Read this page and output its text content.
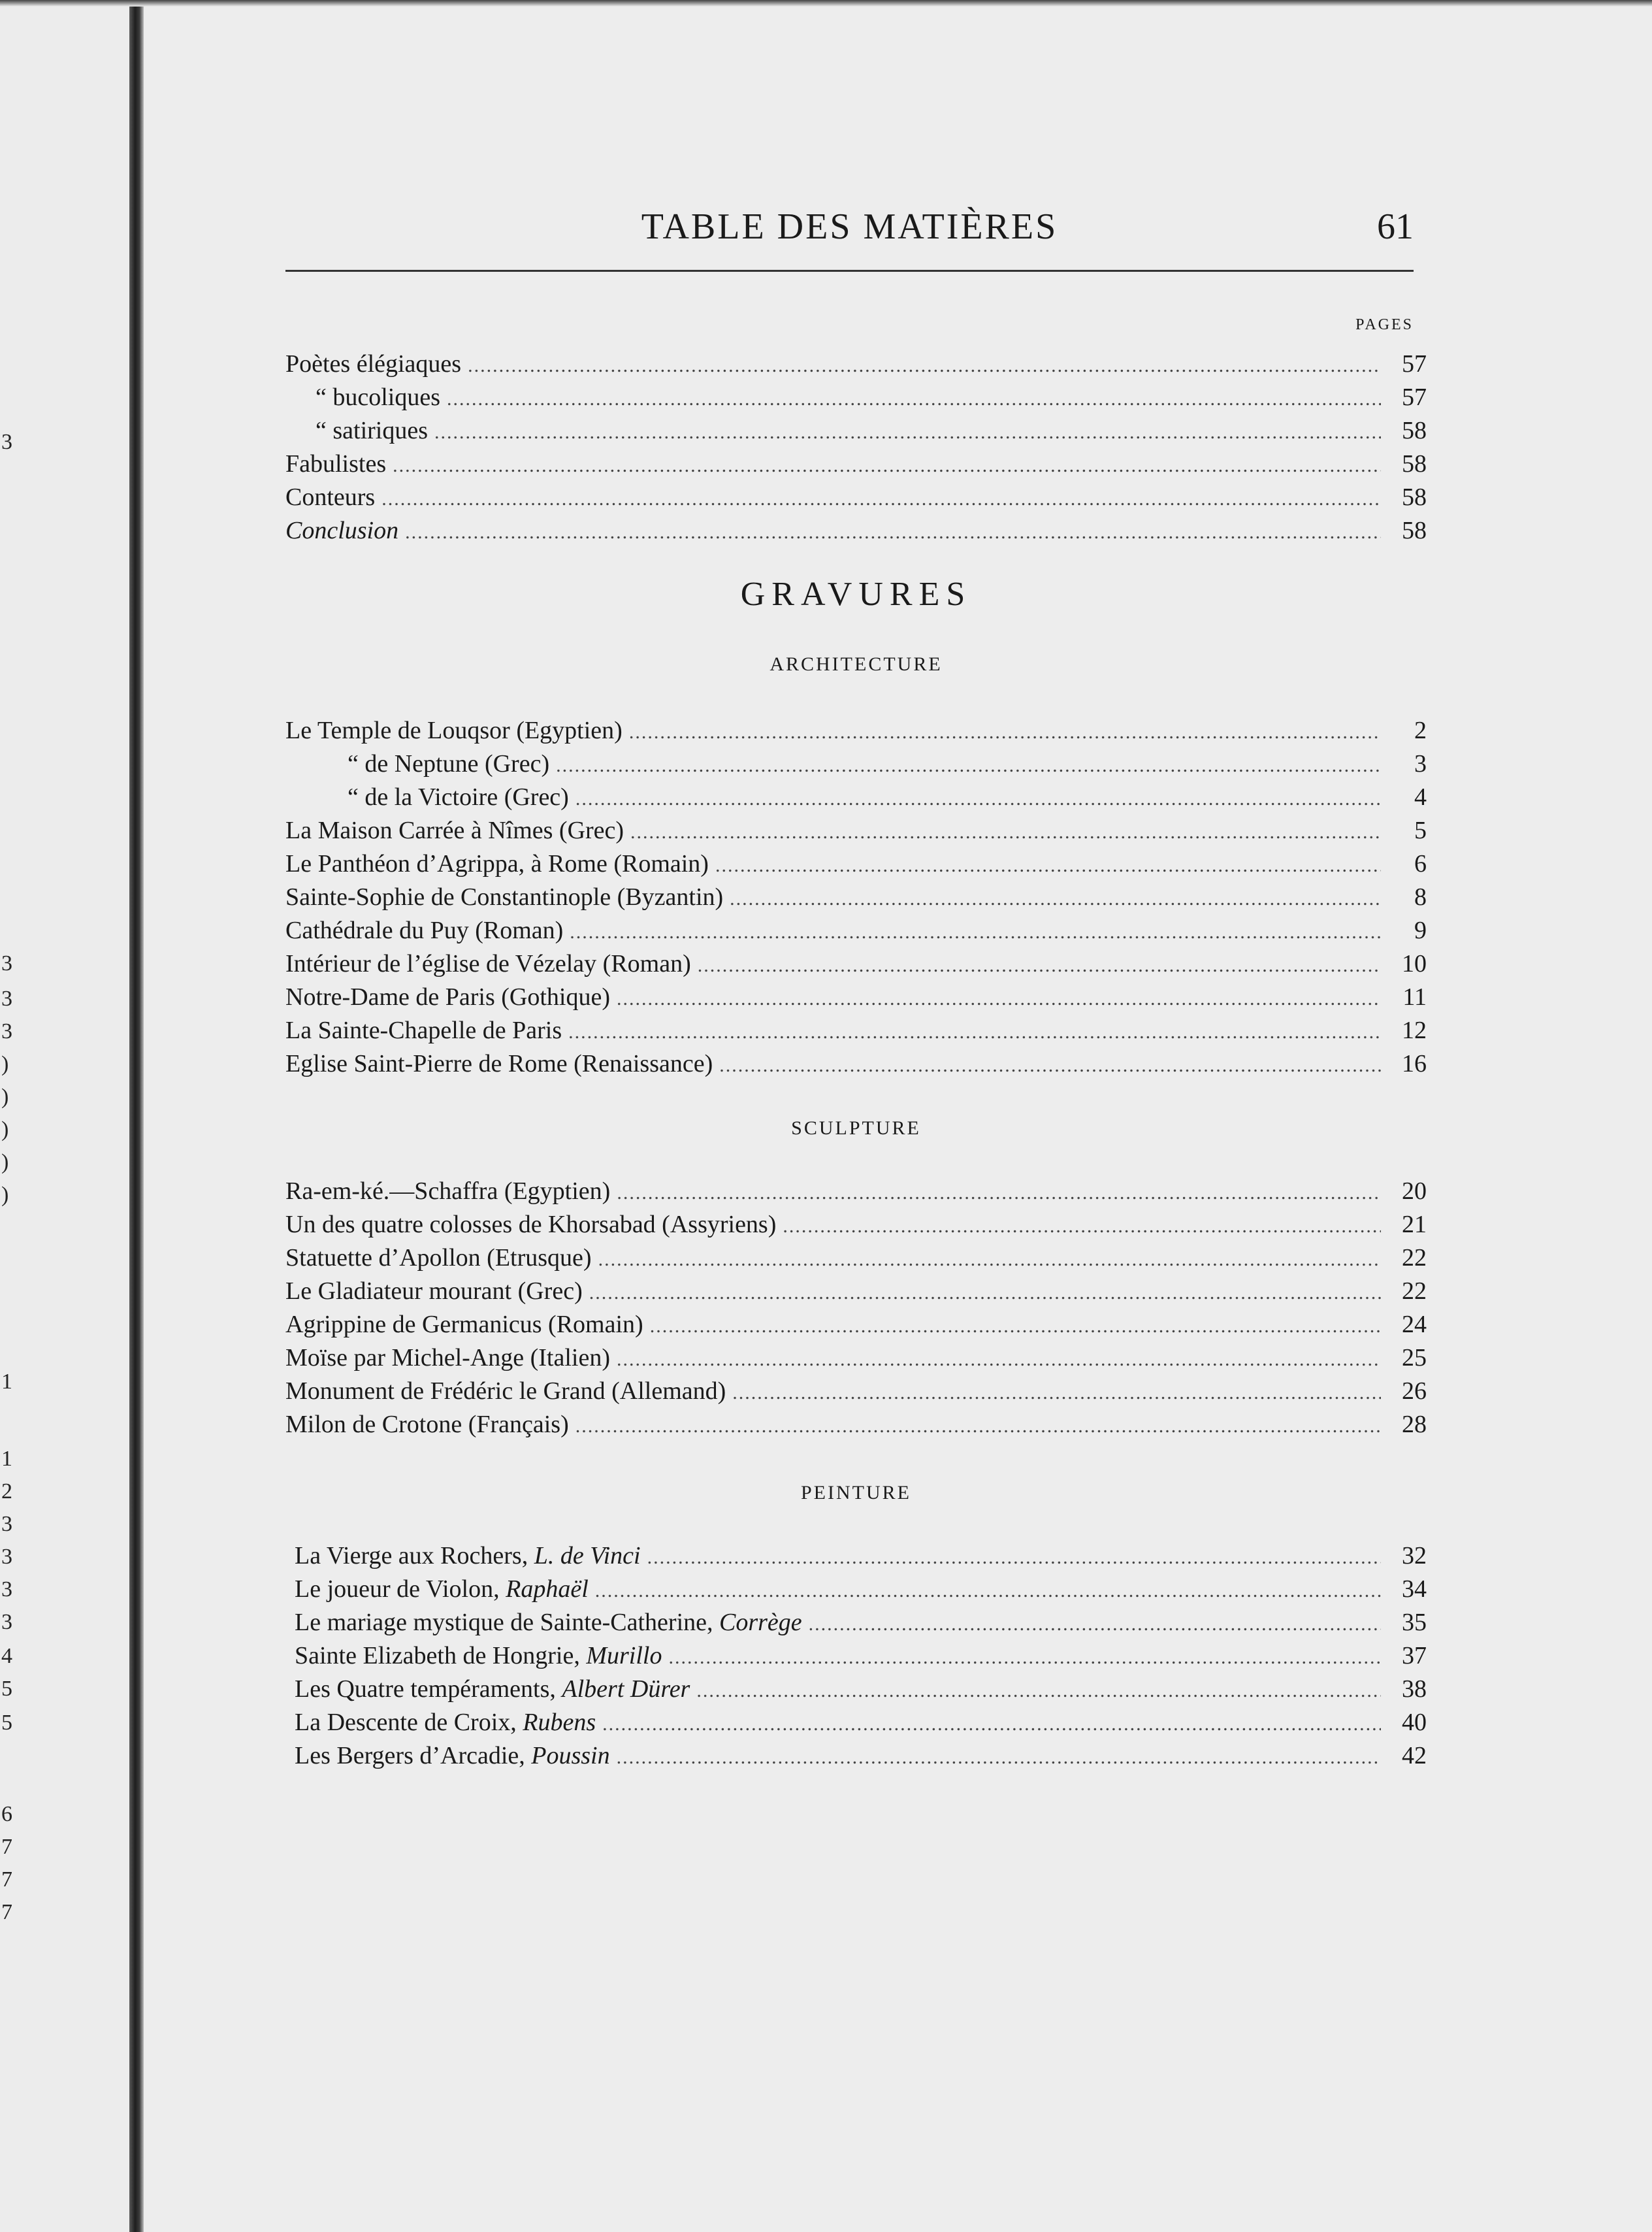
3
3
3
3
)
)
)
)
)
1
1
2
3
3
3
3
4
5
5
6
7
7
7
TABLE DES MATIÈRES	61
PAGES
Poètes élégiaques .....	57
“ bucoliques .....	57
“ satiriques .....	58
Fabulistes .....	58
Conteurs .....	58
Conclusion .....	58
GRAVURES
ARCHITECTURE
Le Temple de Louqsor (Egyptien) .....	2
“ de Neptune (Grec) .....	3
“ de la Victoire (Grec) .....	4
La Maison Carrée à Nîmes (Grec) .....	5
Le Panthéon d’Agrippa, à Rome (Romain) .....	6
Sainte-Sophie de Constantinople (Byzantin) .....	8
Cathédrale du Puy (Roman) .....	9
Intérieur de l’église de Vézelay (Roman) .....	10
Notre-Dame de Paris (Gothique) .....	11
La Sainte-Chapelle de Paris .....	12
Eglise Saint-Pierre de Rome (Renaissance) .....	16
SCULPTURE
Ra-em-ké.—Schaffra (Egyptien) .....	20
Un des quatre colosses de Khorsabad (Assyriens) .....	21
Statuette d’Apollon (Etrusque) .....	22
Le Gladiateur mourant (Grec) .....	22
Agrippine de Germanicus (Romain) .....	24
Moïse par Michel-Ange (Italien) .....	25
Monument de Frédéric le Grand (Allemand) .....	26
Milon de Crotone (Français) .....	28
PEINTURE
La Vierge aux Rochers, L. de Vinci .....	32
Le joueur de Violon, Raphaël .....	34
Le mariage mystique de Sainte-Catherine, Corrège .....	35
Sainte Elizabeth de Hongrie, Murillo .....	37
Les Quatre tempéraments, Albert Dürer .....	38
La Descente de Croix, Rubens .....	40
Les Bergers d’Arcadie, Poussin .....	42
